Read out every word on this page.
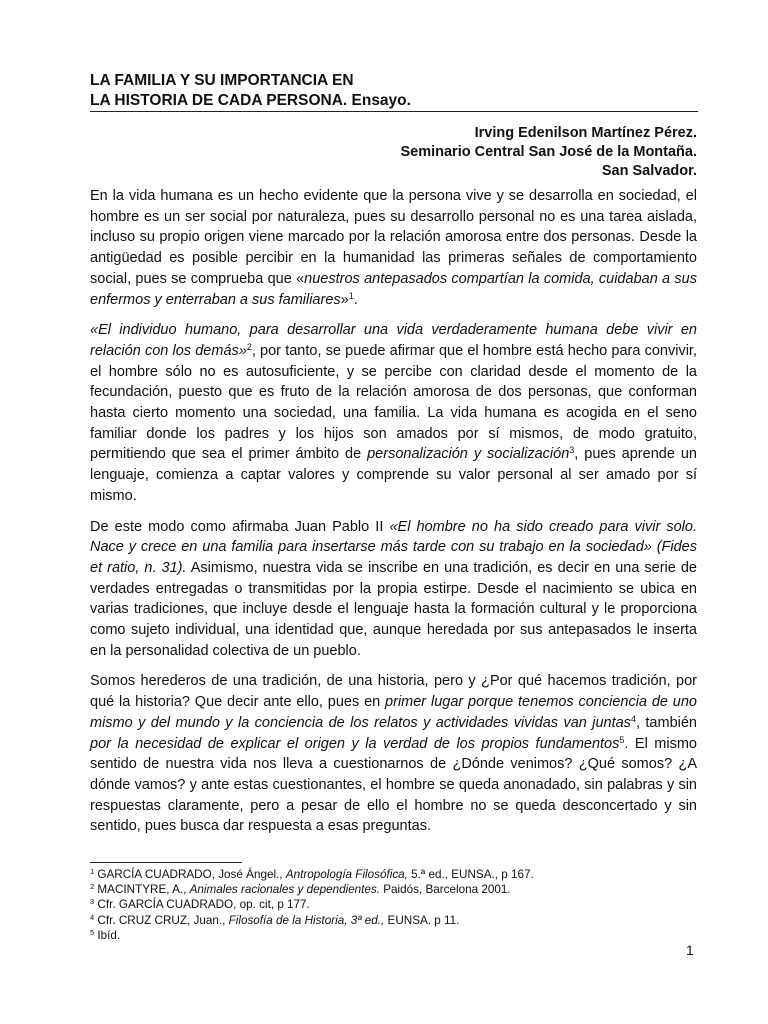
LA FAMILIA Y SU IMPORTANCIA EN
LA HISTORIA DE CADA PERSONA. Ensayo.
Irving Edenilson Martínez Pérez.
Seminario Central San José de la Montaña.
San Salvador.

En la vida humana es un hecho evidente que la persona vive y se desarrolla en sociedad, el hombre es un ser social por naturaleza, pues su desarrollo personal no es una tarea aislada, incluso su propio origen viene marcado por la relación amorosa entre dos personas. Desde la antigüedad es posible percibir en la humanidad las primeras señales de comportamiento social, pues se comprueba que «nuestros antepasados compartían la comida, cuidaban a sus enfermos y enterraban a sus familiares»$^1$.

«El individuo humano, para desarrollar una vida verdaderamente humana debe vivir en relación con los demás»$^2$, por tanto, se puede afirmar que el hombre está hecho para convivir, el hombre sólo no es autosuficiente, y se percibe con claridad desde el momento de la fecundación, puesto que es fruto de la relación amorosa de dos personas, que conforman hasta cierto momento una sociedad, una familia. La vida humana es acogida en el seno familiar donde los padres y los hijos son amados por sí mismos, de modo gratuito, permitiendo que sea el primer ámbito de personalización y socialización$^3$, pues aprende un lenguaje, comienza a captar valores y comprende su valor personal al ser amado por sí mismo.

De este modo como afirmaba Juan Pablo II «El hombre no ha sido creado para vivir solo. Nace y crece en una familia para insertarse más tarde con su trabajo en la sociedad» (Fides et ratio, n. 31). Asimismo, nuestra vida se inscribe en una tradición, es decir en una serie de verdades entregadas o transmitidas por la propia estirpe. Desde el nacimiento se ubica en varias tradiciones, que incluye desde el lenguaje hasta la formación cultural y le proporciona como sujeto individual, una identidad que, aunque heredada por sus antepasados le inserta en la personalidad colectiva de un pueblo.

Somos herederos de una tradición, de una historia, pero y ¿Por qué hacemos tradición, por qué la historia? Que decir ante ello, pues en primer lugar porque tenemos conciencia de uno mismo y del mundo y la conciencia de los relatos y actividades vividas van juntas$^4$, también por la necesidad de explicar el origen y la verdad de los propios fundamentos$^5$. El mismo sentido de nuestra vida nos lleva a cuestionarnos de ¿Dónde venimos? ¿Qué somos? ¿A dónde vamos? y ante estas cuestionantes, el hombre se queda anonadado, sin palabras y sin respuestas claramente, pero a pesar de ello el hombre no se queda desconcertado y sin sentido, pues busca dar respuesta a esas preguntas.

$^1$ GARCÍA CUADRADO, José Ángel., Antropología Filosófica, 5.ª ed., EUNSA., p 167.
$^2$ MACINTYRE, A., Animales racionales y dependientes. Paidós, Barcelona 2001.
$^3$ Cfr. GARCÍA CUADRADO, op. cit, p 177.
$^4$ Cfr. CRUZ CRUZ, Juan., Filosofía de la Historia, 3ª ed., EUNSA. p 11.
$^5$ Ibíd.
1
